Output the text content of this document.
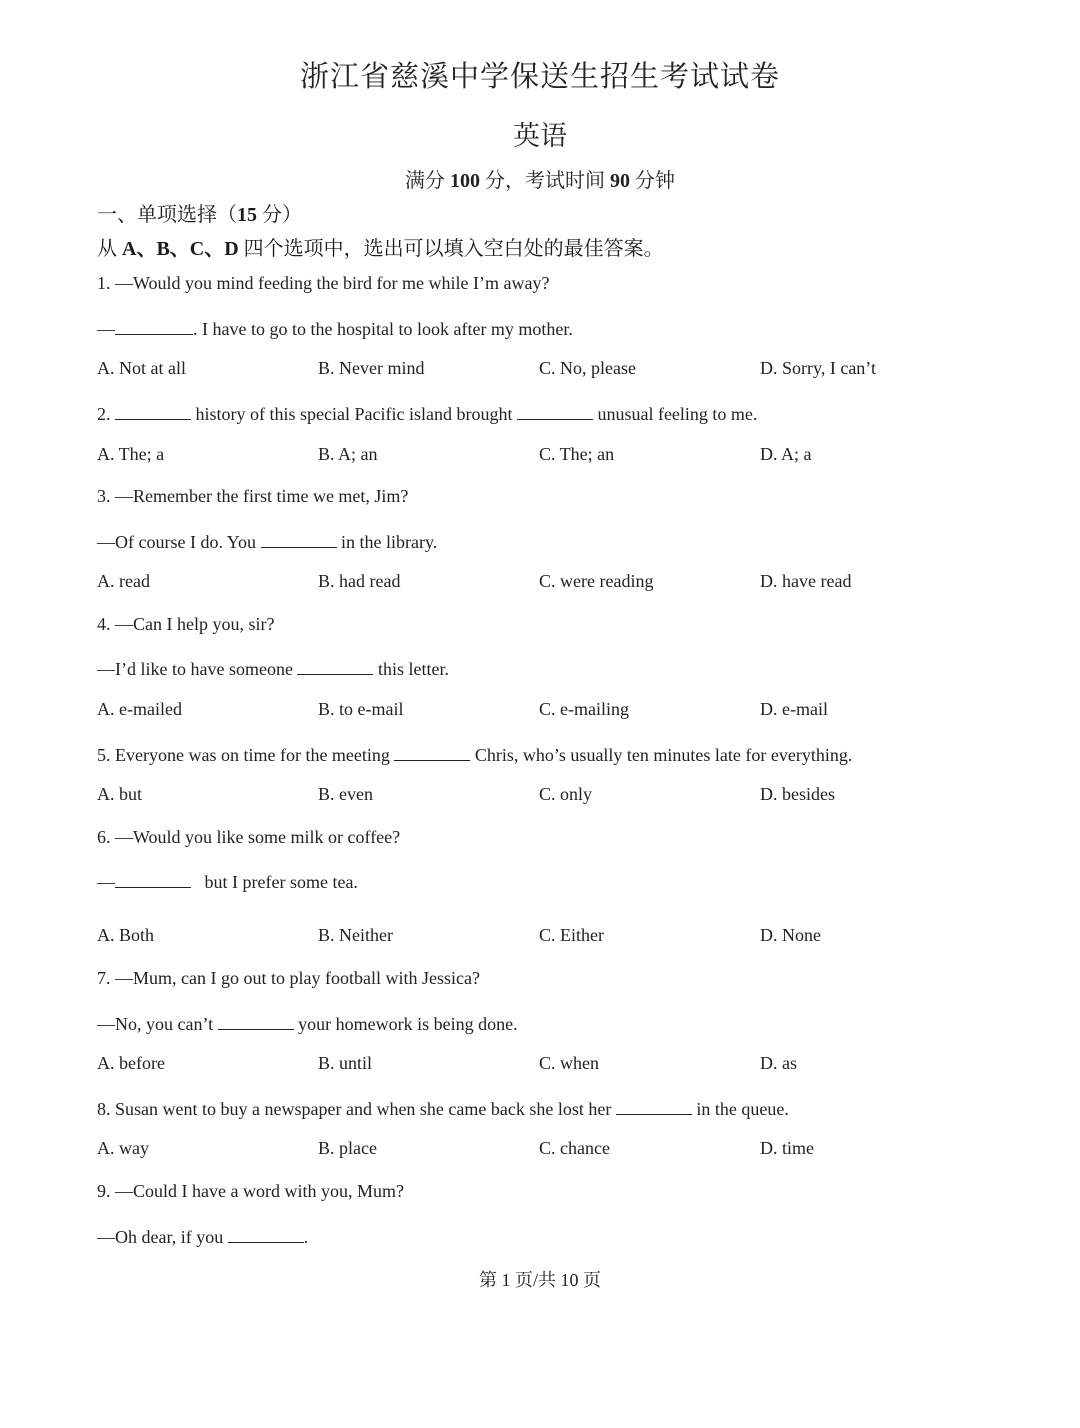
浙江省慈溪中学保送生招生考试试卷
英语
满分 100 分，考试时间 90 分钟
一、单项选择（15 分）
从 A、B、C、D 四个选项中，选出可以填入空白处的最佳答案。
1. —Would you mind feeding the bird for me while I’m away?
—	. I have to go to the hospital to look after my mother.
A. Not at all	B. Never mind	C. No, please	D. Sorry, I can’t
2.	history of this special Pacific island brought	unusual feeling to me.
A. The; a	B. A; an	C. The; an	D. A; a
3. —Remember the first time we met, Jim?
—Of course I do. You	in the library.
A. read	B. had read	C. were reading	D. have read
4. —Can I help you, sir?
—I’d like to have someone	this letter.
A. e-mailed	B. to e-mail	C. e-mailing	D. e-mail
5. Everyone was on time for the meeting	Chris, who’s usually ten minutes late for everything.
A. but	B. even	C. only	D. besides
6. —Would you like some milk or coffee?
—	but I prefer some tea.
A. Both	B. Neither	C. Either	D. None
7. —Mum, can I go out to play football with Jessica?
—No, you can’t	your homework is being done.
A. before	B. until	C. when	D. as
8. Susan went to buy a newspaper and when she came back she lost her	in the queue.
A. way	B. place	C. chance	D. time
9. —Could I have a word with you, Mum?
—Oh dear, if you	.
第 1 页/共 10 页
